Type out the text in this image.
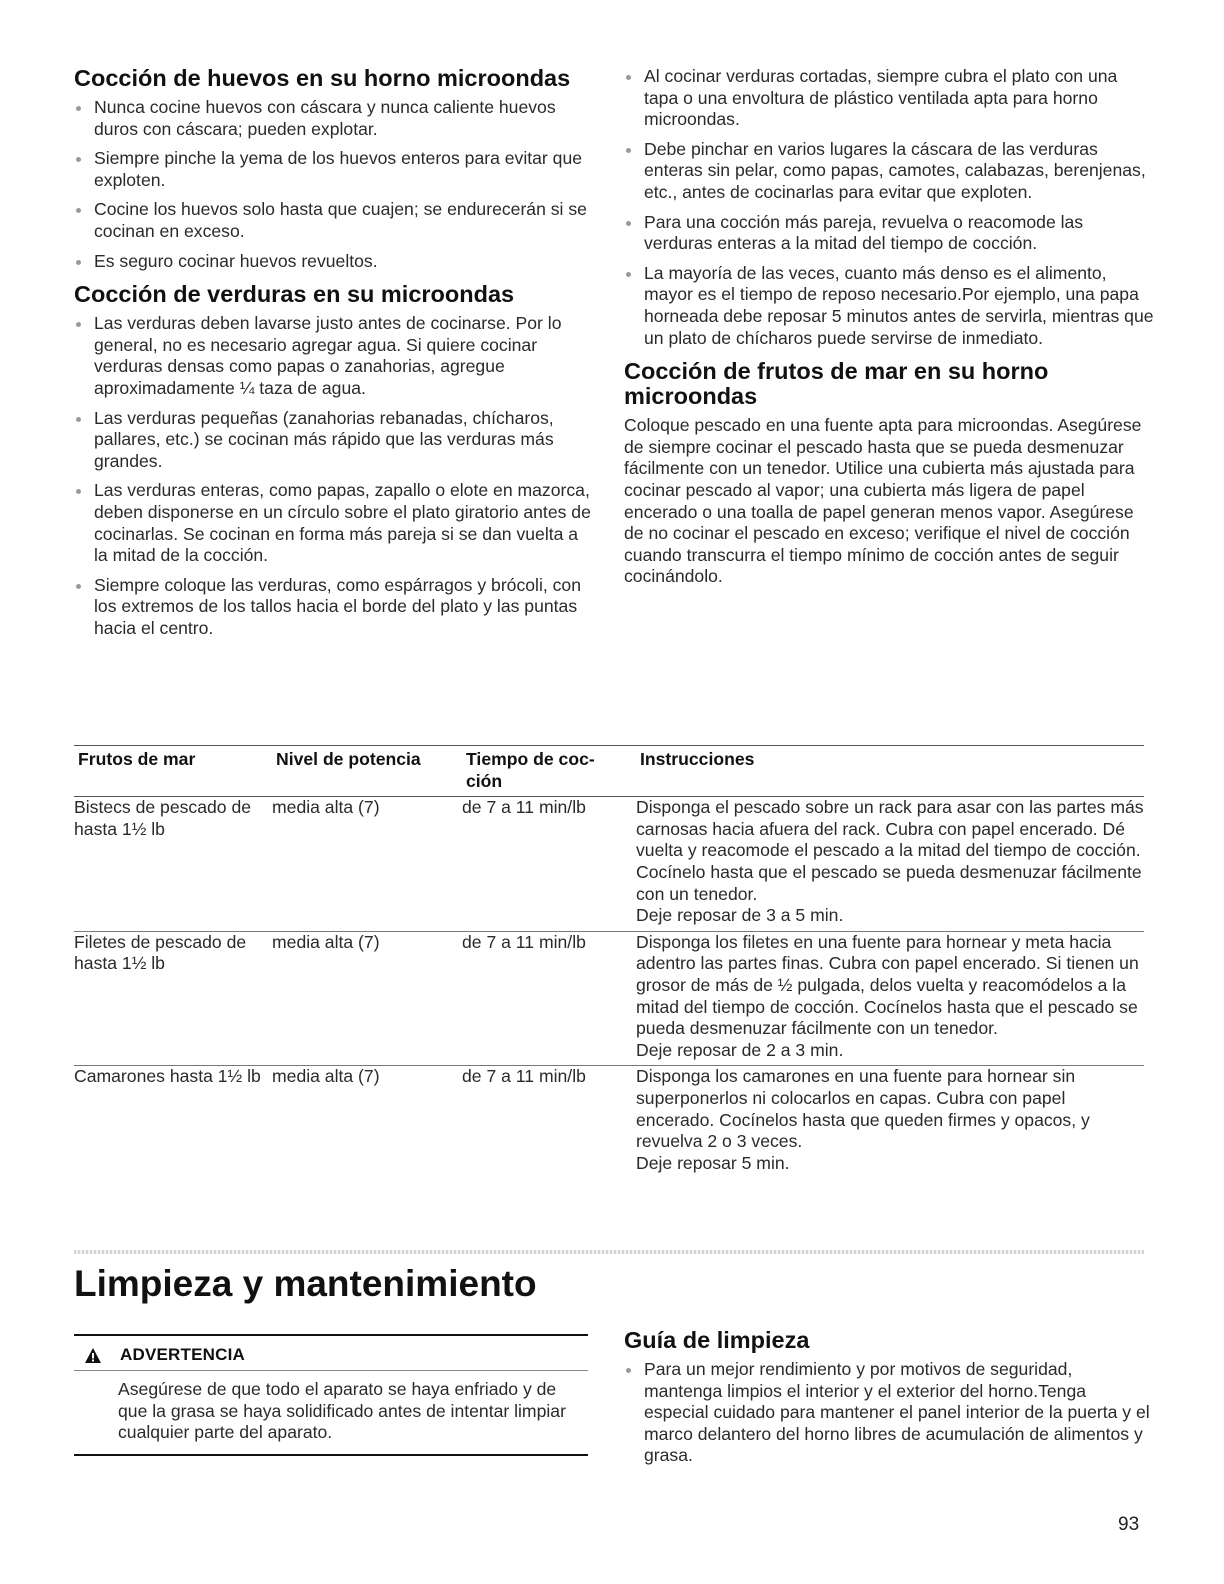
Cocción de huevos en su horno microondas
Nunca cocine huevos con cáscara y nunca caliente huevos duros con cáscara; pueden explotar.
Siempre pinche la yema de los huevos enteros para evitar que exploten.
Cocine los huevos solo hasta que cuajen; se endurecerán si se cocinan en exceso.
Es seguro cocinar huevos revueltos.
Cocción de verduras en su microondas
Las verduras deben lavarse justo antes de cocinarse. Por lo general, no es necesario agregar agua. Si quiere cocinar verduras densas como papas o zanahorias, agregue aproximadamente ¼ taza de agua.
Las verduras pequeñas (zanahorias rebanadas, chícharos, pallares, etc.) se cocinan más rápido que las verduras más grandes.
Las verduras enteras, como papas, zapallo o elote en mazorca, deben disponerse en un círculo sobre el plato giratorio antes de cocinarlas. Se cocinan en forma más pareja si se dan vuelta a la mitad de la cocción.
Siempre coloque las verduras, como espárragos y brócoli, con los extremos de los tallos hacia el borde del plato y las puntas hacia el centro.
Al cocinar verduras cortadas, siempre cubra el plato con una tapa o una envoltura de plástico ventilada apta para horno microondas.
Debe pinchar en varios lugares la cáscara de las verduras enteras sin pelar, como papas, camotes, calabazas, berenjenas, etc., antes de cocinarlas para evitar que exploten.
Para una cocción más pareja, revuelva o reacomode las verduras enteras a la mitad del tiempo de cocción.
La mayoría de las veces, cuanto más denso es el alimento, mayor es el tiempo de reposo necesario.Por ejemplo, una papa horneada debe reposar 5 minutos antes de servirla, mientras que un plato de chícharos puede servirse de inmediato.
Cocción de frutos de mar en su horno microondas

Coloque pescado en una fuente apta para microondas. Asegúrese de siempre cocinar el pescado hasta que se pueda desmenuzar fácilmente con un tenedor. Utilice una cubierta más ajustada para cocinar pescado al vapor; una cubierta más ligera de papel encerado o una toalla de papel generan menos vapor. Asegúrese de no cocinar el pescado en exceso; verifique el nivel de cocción cuando transcurra el tiempo mínimo de cocción antes de seguir cocinándolo.

Frutos de mar	Nivel de potencia	Tiempo de coc-
ción	Instrucciones
Bistecs de pescado de hasta 1½ lb	media alta (7)	de 7 a 11 min/lb	Disponga el pescado sobre un rack para asar con las partes más carnosas hacia afuera del rack. Cubra con papel encerado. Dé vuelta y reacomode el pescado a la mitad del tiempo de cocción. Cocínelo hasta que el pescado se pueda desmenuzar fácilmente con un tenedor.
Deje reposar de 3 a 5 min.

Filetes de pescado de hasta 1½ lb	media alta (7)	de 7 a 11 min/lb	Disponga los filetes en una fuente para hornear y meta hacia adentro las partes finas. Cubra con papel encerado. Si tienen un grosor de más de ½ pulgada, delos vuelta y reacomódelos a la mitad del tiempo de cocción. Cocínelos hasta que el pescado se pueda desmenuzar fácilmente con un tenedor.
Deje reposar de 2 a 3 min.

Camarones hasta 1½ lb	media alta (7)	de 7 a 11 min/lb	Disponga los camarones en una fuente para hornear sin superponerlos ni colocarlos en capas. Cubra con papel encerado. Cocínelos hasta que queden firmes y opacos, y revuelva 2 o 3 veces.
Deje reposar 5 min.
Limpieza y mantenimiento
ADVERTENCIA
Asegúrese de que todo el aparato se haya enfriado y de que la grasa se haya solidificado antes de intentar limpiar cualquier parte del aparato.
Guía de limpieza
Para un mejor rendimiento y por motivos de seguridad, mantenga limpios el interior y el exterior del horno.Tenga especial cuidado para mantener el panel interior de la puerta y el marco delantero del horno libres de acumulación de alimentos y grasa.
93
